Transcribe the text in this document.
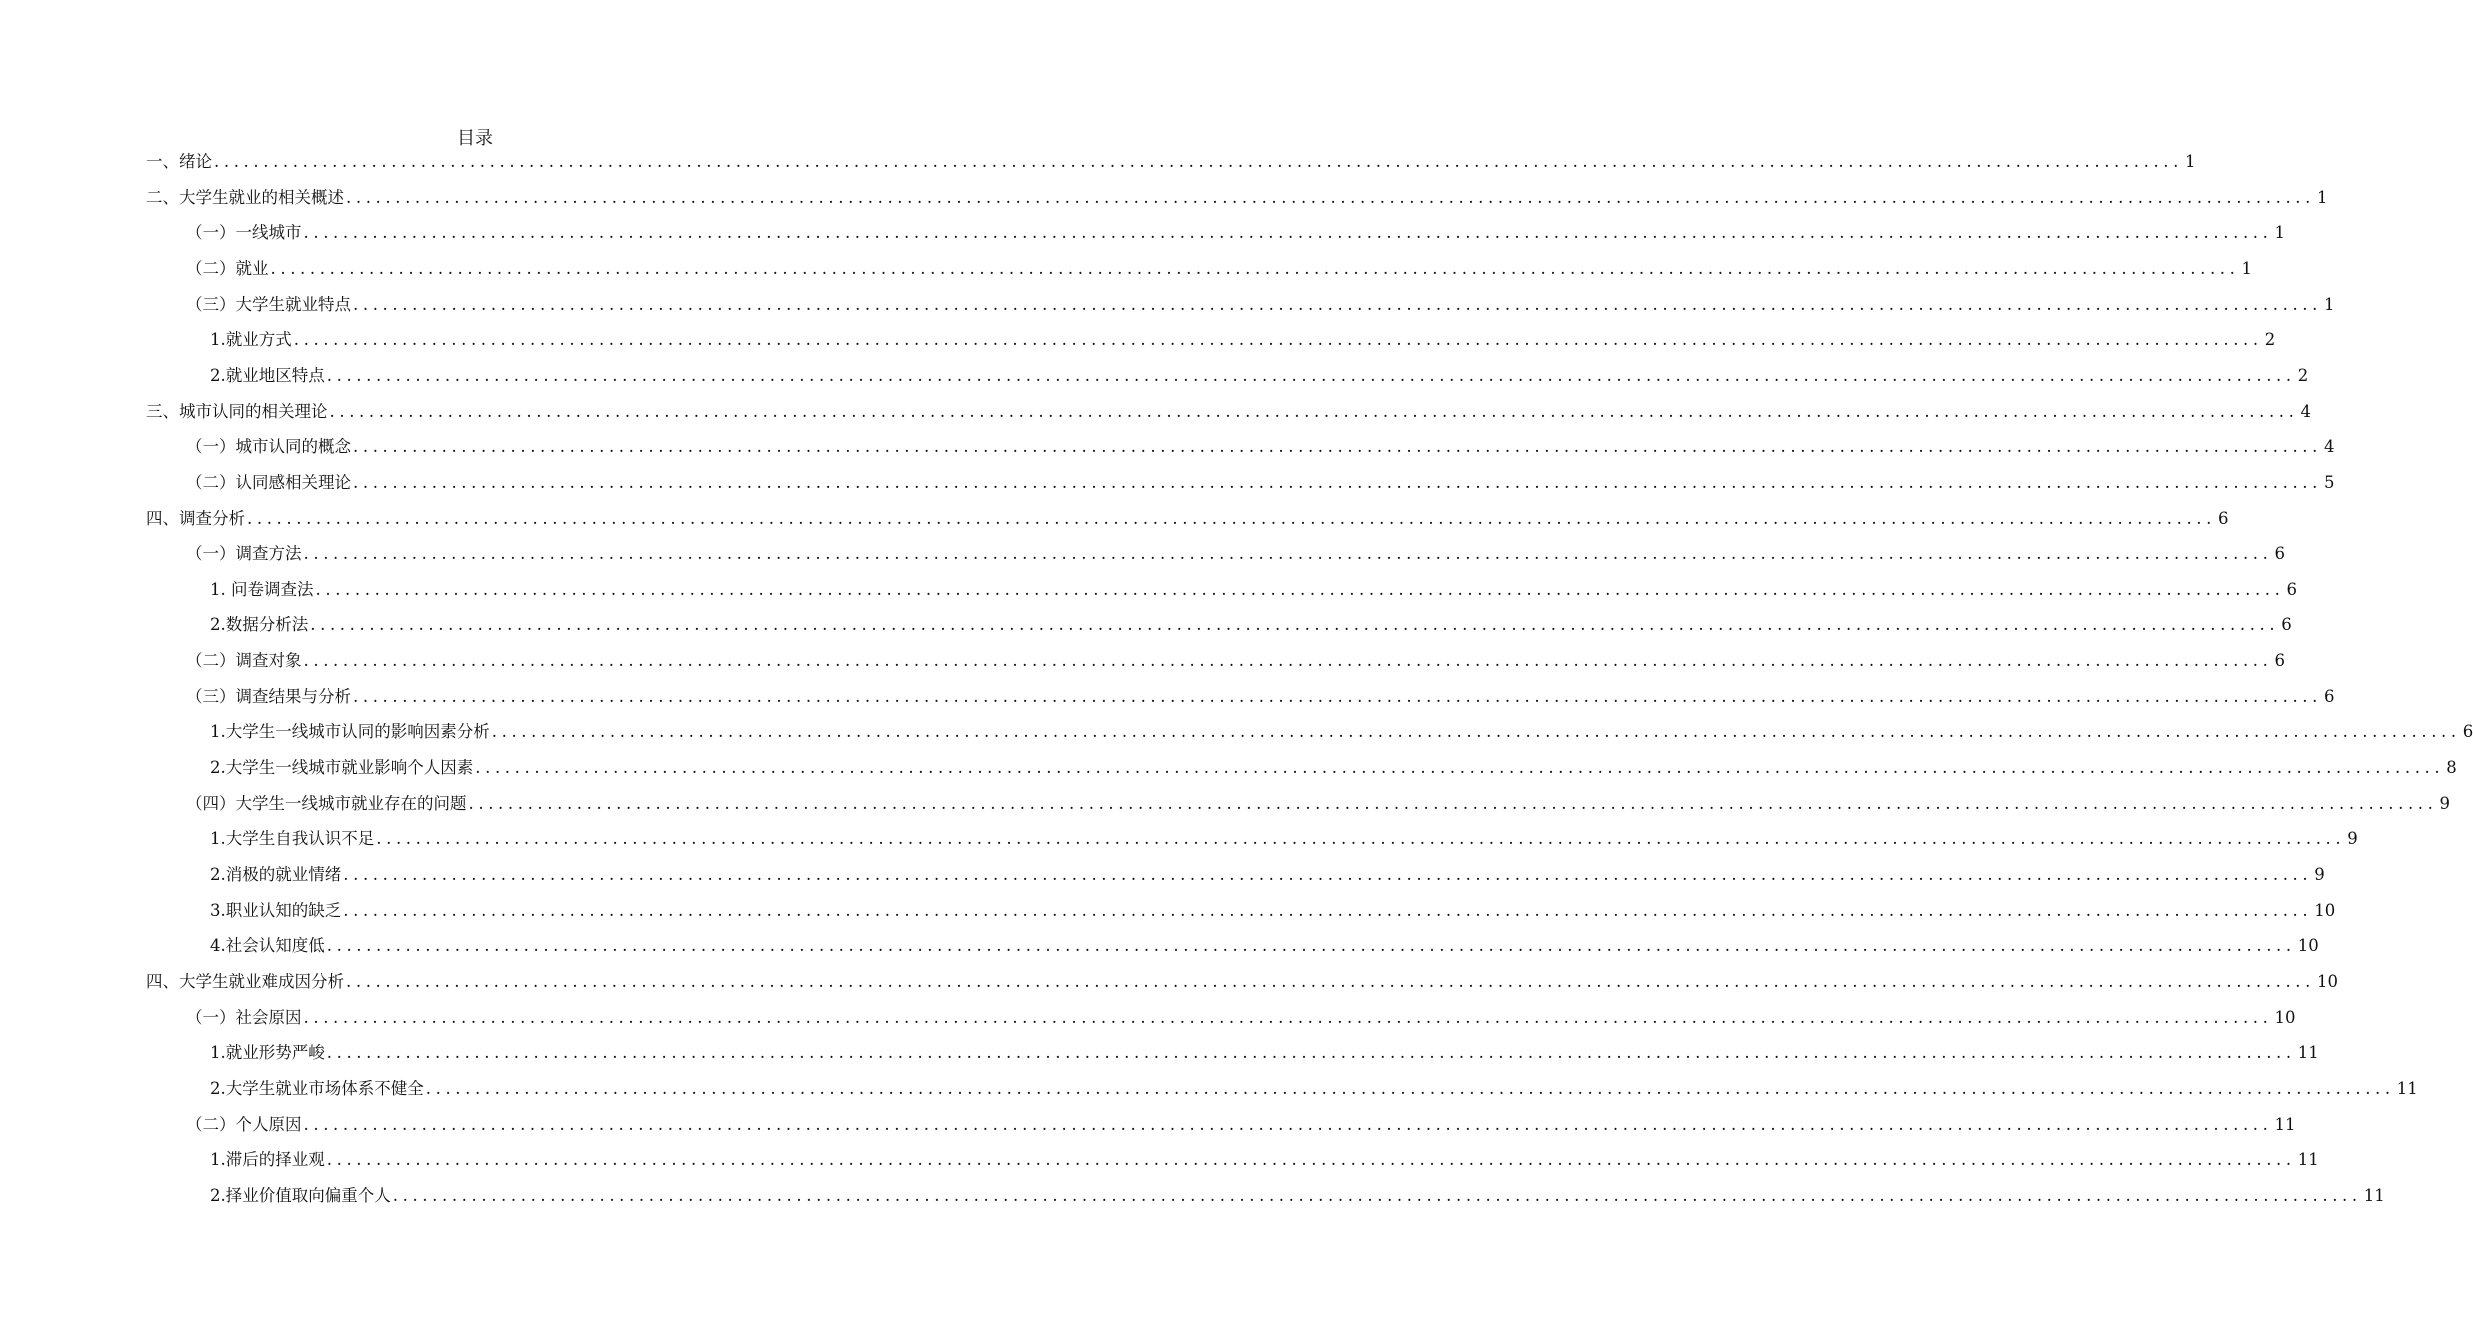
目录
一、绪论 ........................................................................................................................................................................................................ 1
二、大学生就业的相关概述 ........................................................................................................................................................................................................ 1
（一）一线城市 ........................................................................................................................................................................................................ 1
（二）就业 ........................................................................................................................................................................................................ 1
（三）大学生就业特点 ........................................................................................................................................................................................................ 1
1.就业方式 ........................................................................................................................................................................................................ 2
2.就业地区特点 ........................................................................................................................................................................................................ 2
三、城市认同的相关理论 ........................................................................................................................................................................................................ 4
（一）城市认同的概念 ........................................................................................................................................................................................................ 4
（二）认同感相关理论 ........................................................................................................................................................................................................ 5
四、调查分析 ........................................................................................................................................................................................................ 6
（一）调查方法 ........................................................................................................................................................................................................ 6
1. 问卷调查法 ........................................................................................................................................................................................................ 6
2.数据分析法 ........................................................................................................................................................................................................ 6
（二）调查对象 ........................................................................................................................................................................................................ 6
（三）调查结果与分析 ........................................................................................................................................................................................................ 6
1.大学生一线城市认同的影响因素分析 ........................................................................................................................................................................................................ 6
2.大学生一线城市就业影响个人因素 ........................................................................................................................................................................................................ 8
（四）大学生一线城市就业存在的问题 ........................................................................................................................................................................................................ 9
1.大学生自我认识不足 ........................................................................................................................................................................................................ 9
2.消极的就业情绪 ........................................................................................................................................................................................................ 9
3.职业认知的缺乏 ........................................................................................................................................................................................................ 10
4.社会认知度低 ........................................................................................................................................................................................................ 10
四、大学生就业难成因分析 ........................................................................................................................................................................................................ 10
（一）社会原因 ........................................................................................................................................................................................................ 10
1.就业形势严峻 ........................................................................................................................................................................................................ 11
2.大学生就业市场体系不健全 ........................................................................................................................................................................................................ 11
（二）个人原因 ........................................................................................................................................................................................................ 11
1.滞后的择业观 ........................................................................................................................................................................................................ 11
2.择业价值取向偏重个人 ........................................................................................................................................................................................................ 11
